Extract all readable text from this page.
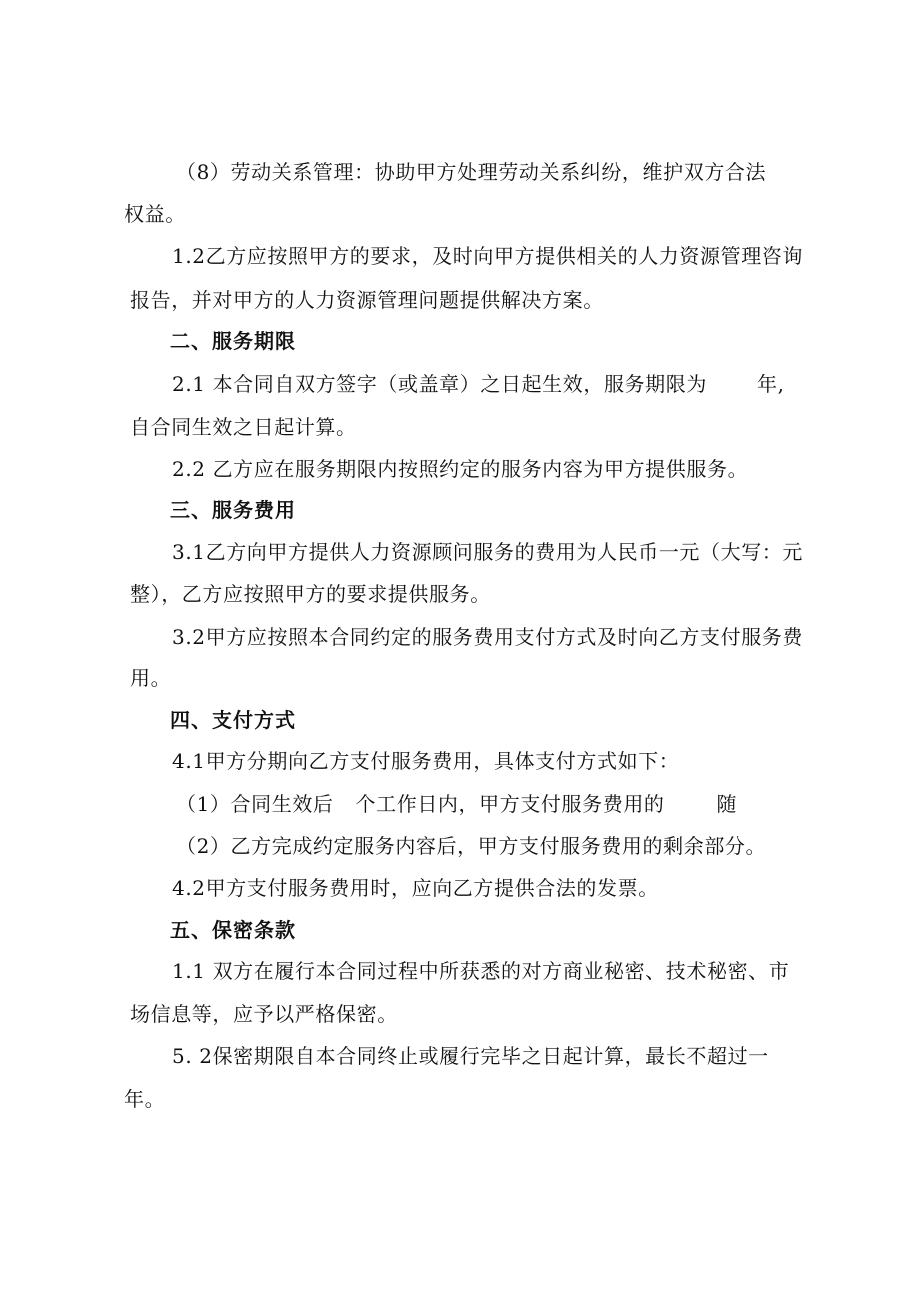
（8）劳动关系管理：协助甲方处理劳动关系纠纷，维护双方合法
权益。
1.2乙方应按照甲方的要求，及时向甲方提供相关的人力资源管理咨询
报告，并对甲方的人力资源管理问题提供解决方案。
二、服务期限
2.1 本合同自双方签字（或盖章）之日起生效，服务期限为	年,
自合同生效之日起计算。
2.2 乙方应在服务期限内按照约定的服务内容为甲方提供服务。
三、服务费用
3.1乙方向甲方提供人力资源顾问服务的费用为人民币一元（大写：元
整），乙方应按照甲方的要求提供服务。
3.2甲方应按照本合同约定的服务费用支付方式及时向乙方支付服务费
用。
四、支付方式
4.1甲方分期向乙方支付服务费用，具体支付方式如下：
（1）合同生效后 个工作日内，甲方支付服务费用的	随
（2）乙方完成约定服务内容后，甲方支付服务费用的剩余部分。
4.2甲方支付服务费用时，应向乙方提供合法的发票。
五、保密条款
1.1 双方在履行本合同过程中所获悉的对方商业秘密、技术秘密、市
场信息等，应予以严格保密。
5. 2保密期限自本合同终止或履行完毕之日起计算，最长不超过一
年。
